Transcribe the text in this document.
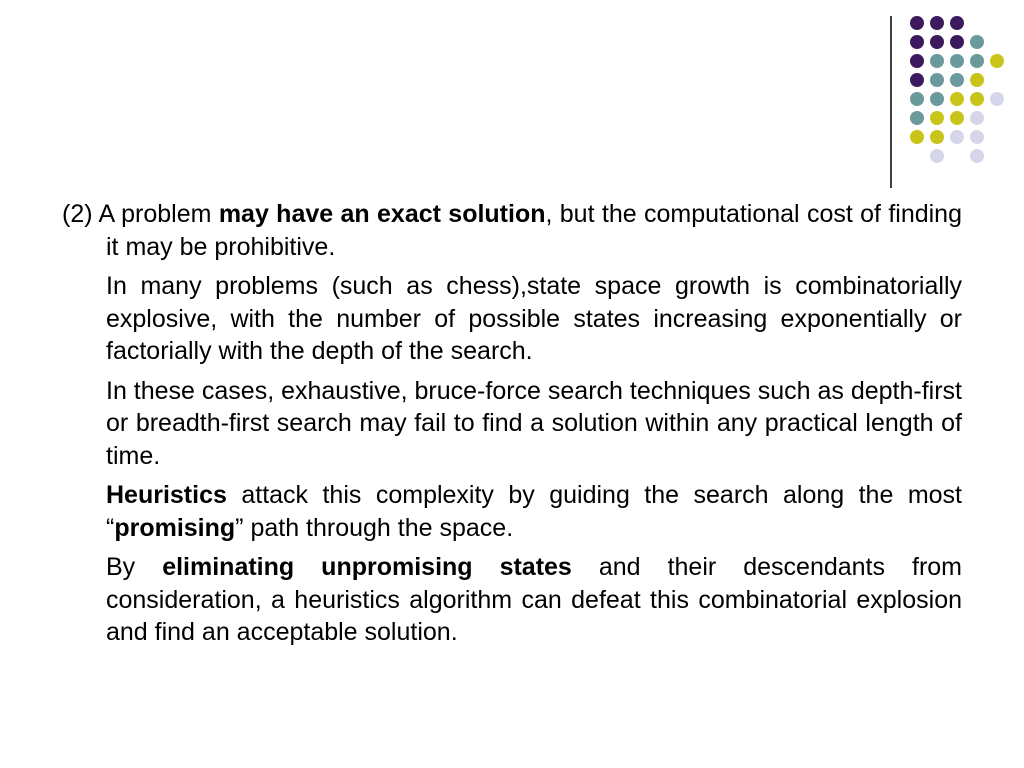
(2) A problem may have an exact solution, but the computational cost of finding it may be prohibitive.

In many problems (such as chess),state space growth is combinatorially explosive, with the number of possible states increasing exponentially or factorially with the depth of the search.

In these cases, exhaustive, bruce-force search techniques such as depth-first or breadth-first search may fail to find a solution within any practical length of time.

Heuristics attack this complexity by guiding the search along the most “promising” path through the space.

By eliminating unpromising states and their descendants from consideration, a heuristics algorithm can defeat this combinatorial explosion and find an acceptable solution.
